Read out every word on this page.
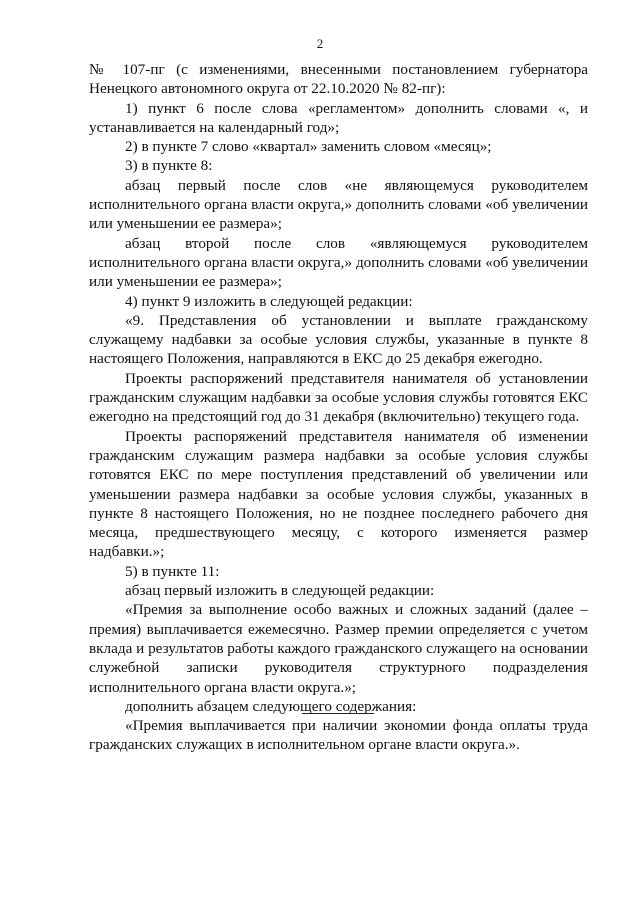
2

№ 107-пг (с изменениями, внесенными постановлением губернатора Ненецкого автономного округа от 22.10.2020 № 82-пг):

1) пункт 6 после слова «регламентом» дополнить словами «, и устанавливается на календарный год»;

2) в пункте 7 слово «квартал» заменить словом «месяц»;

3) в пункте 8:

абзац первый после слов «не являющемуся руководителем исполнительного органа власти округа,» дополнить словами «об увеличении или уменьшении ее размера»;

абзац второй после слов «являющемуся руководителем исполнительного органа власти округа,» дополнить словами «об увеличении или уменьшении ее размера»;

4) пункт 9 изложить в следующей редакции:

«9. Представления об установлении и выплате гражданскому служащему надбавки за особые условия службы, указанные в пункте 8 настоящего Положения, направляются в ЕКС до 25 декабря ежегодно.

Проекты распоряжений представителя нанимателя об установлении гражданским служащим надбавки за особые условия службы готовятся ЕКС ежегодно на предстоящий год до 31 декабря (включительно) текущего года.

Проекты распоряжений представителя нанимателя об изменении гражданским служащим размера надбавки за особые условия службы готовятся ЕКС по мере поступления представлений об увеличении или уменьшении размера надбавки за особые условия службы, указанных в пункте 8 настоящего Положения, но не позднее последнего рабочего дня месяца, предшествующего месяцу, с которого изменяется размер надбавки.»;

5) в пункте 11:

абзац первый изложить в следующей редакции:

«Премия за выполнение особо важных и сложных заданий (далее – премия) выплачивается ежемесячно. Размер премии определяется с учетом вклада и результатов работы каждого гражданского служащего на основании служебной записки руководителя структурного подразделения исполнительного органа власти округа.»;

дополнить абзацем следующего содержания:

«Премия выплачивается при наличии экономии фонда оплаты труда гражданских служащих в исполнительном органе власти округа.».
